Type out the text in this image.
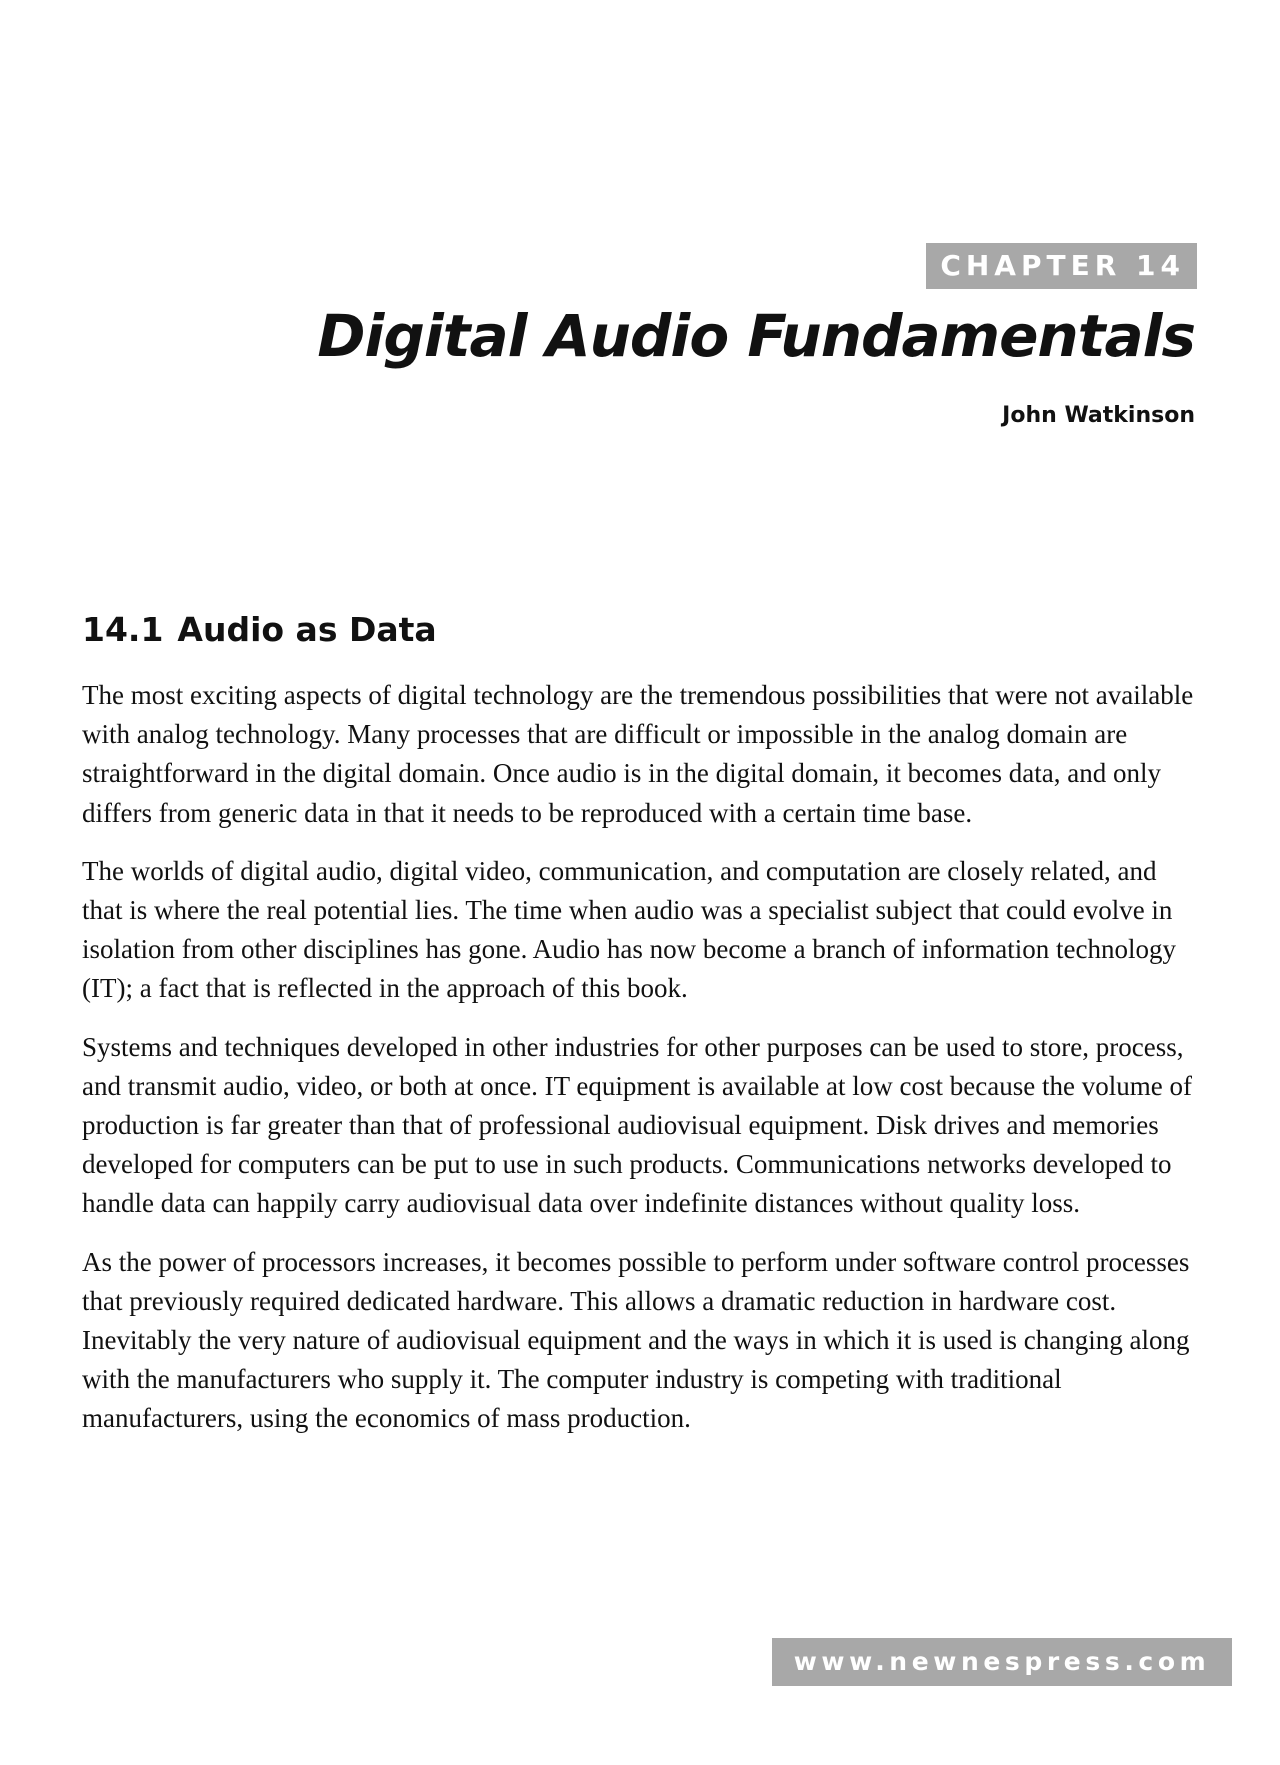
CHAPTER 14
Digital Audio Fundamentals
John Watkinson
14.1 Audio as Data

The most exciting aspects of digital technology are the tremendous possibilities that were not available with analog technology. Many processes that are difficult or impossible in the analog domain are straightforward in the digital domain. Once audio is in the digital domain, it becomes data, and only differs from generic data in that it needs to be reproduced with a certain time base.

The worlds of digital audio, digital video, communication, and computation are closely related, and that is where the real potential lies. The time when audio was a specialist subject that could evolve in isolation from other disciplines has gone. Audio has now become a branch of information technology (IT); a fact that is reflected in the approach of this book.

Systems and techniques developed in other industries for other purposes can be used to store, process, and transmit audio, video, or both at once. IT equipment is available at low cost because the volume of production is far greater than that of professional audiovisual equipment. Disk drives and memories developed for computers can be put to use in such products. Communications networks developed to handle data can happily carry audiovisual data over indefinite distances without quality loss.

As the power of processors increases, it becomes possible to perform under software control processes that previously required dedicated hardware. This allows a dramatic reduction in hardware cost. Inevitably the very nature of audiovisual equipment and the ways in which it is used is changing along with the manufacturers who supply it. The computer industry is competing with traditional manufacturers, using the economics of mass production.

www.newnespress.com
